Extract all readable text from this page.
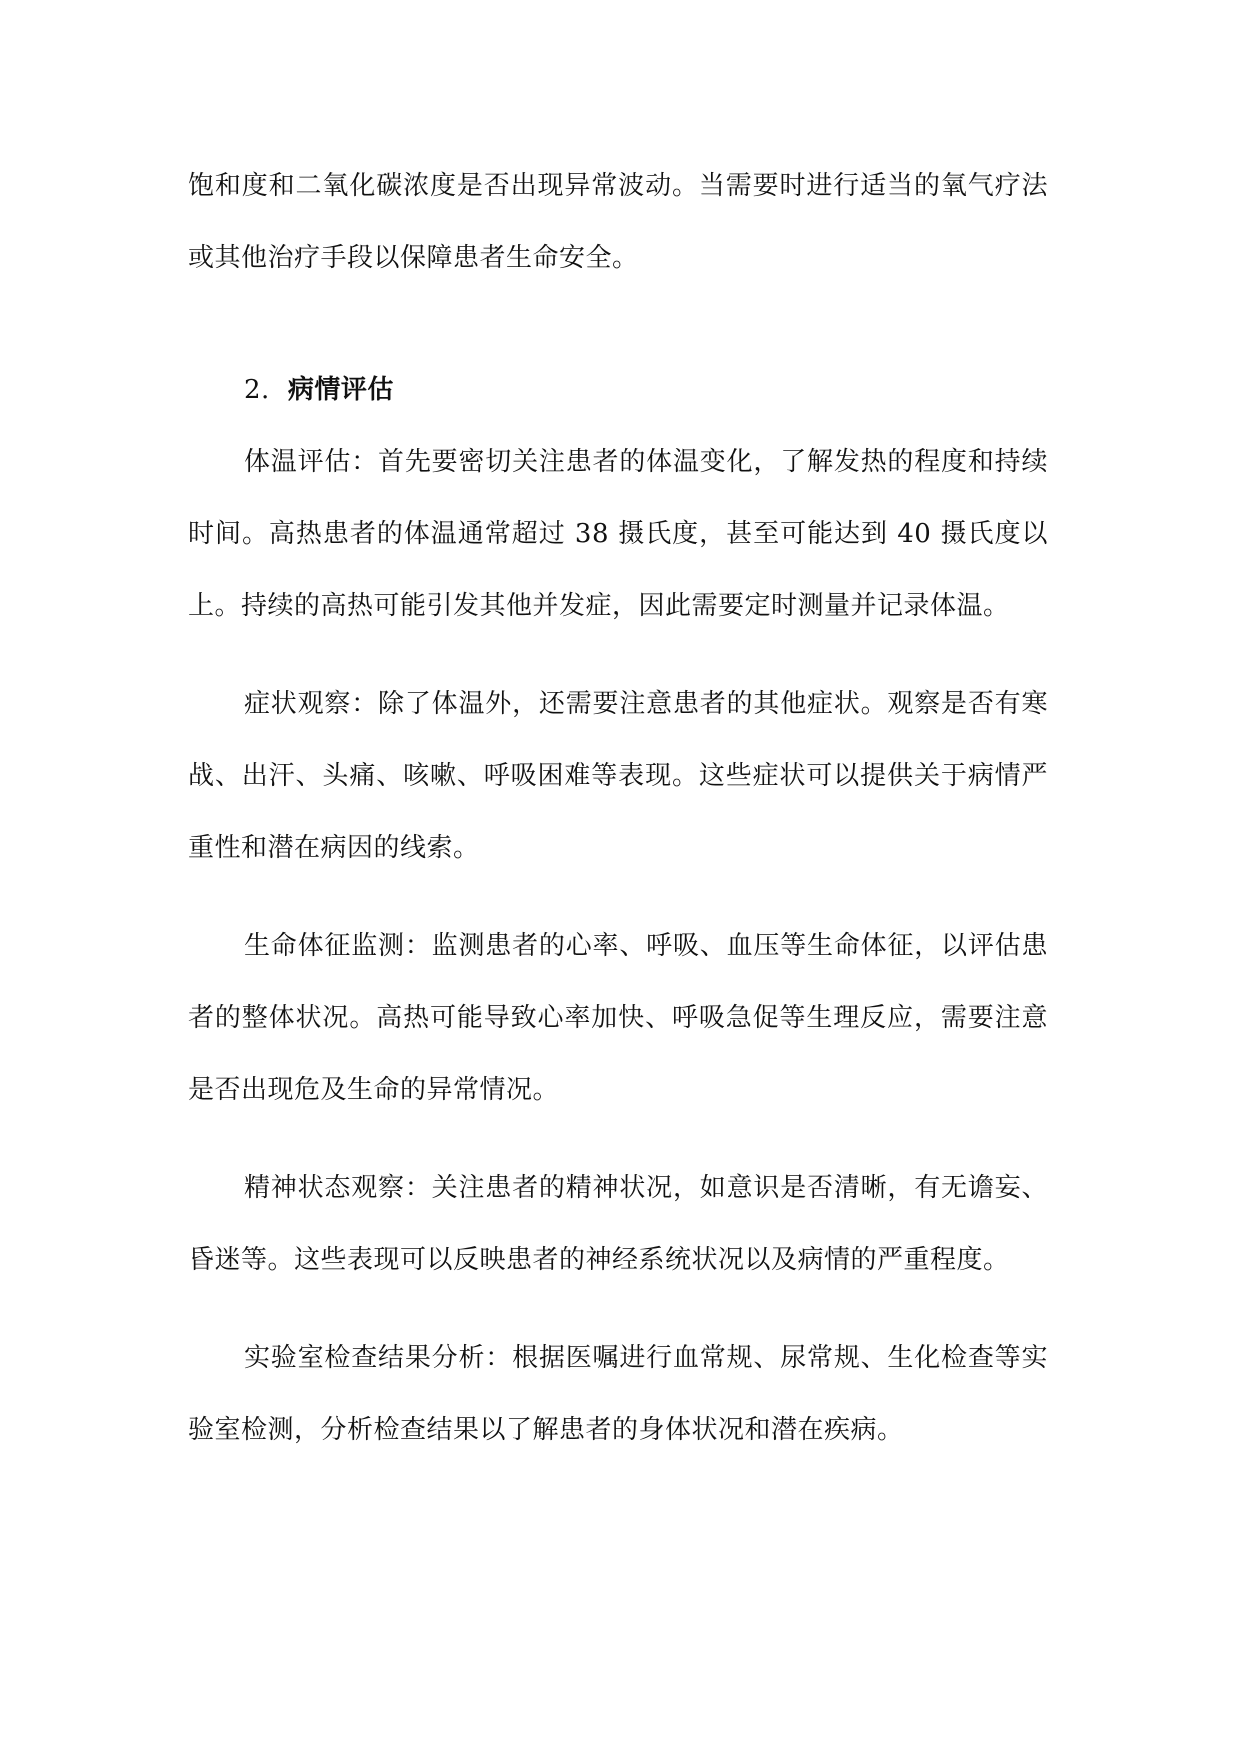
饱和度和二氧化碳浓度是否出现异常波动。当需要时进行适当的氧气疗法或其他治疗手段以保障患者生命安全。

2. 病情评估

体温评估：首先要密切关注患者的体温变化，了解发热的程度和持续时间。高热患者的体温通常超过 38 摄氏度，甚至可能达到 40 摄氏度以上。持续的高热可能引发其他并发症，因此需要定时测量并记录体温。

症状观察：除了体温外，还需要注意患者的其他症状。观察是否有寒战、出汗、头痛、咳嗽、呼吸困难等表现。这些症状可以提供关于病情严重性和潜在病因的线索。

生命体征监测：监测患者的心率、呼吸、血压等生命体征，以评估患者的整体状况。高热可能导致心率加快、呼吸急促等生理反应，需要注意是否出现危及生命的异常情况。

精神状态观察：关注患者的精神状况，如意识是否清晰，有无谵妄、昏迷等。这些表现可以反映患者的神经系统状况以及病情的严重程度。

实验室检查结果分析：根据医嘱进行血常规、尿常规、生化检查等实验室检测，分析检查结果以了解患者的身体状况和潜在疾病。
